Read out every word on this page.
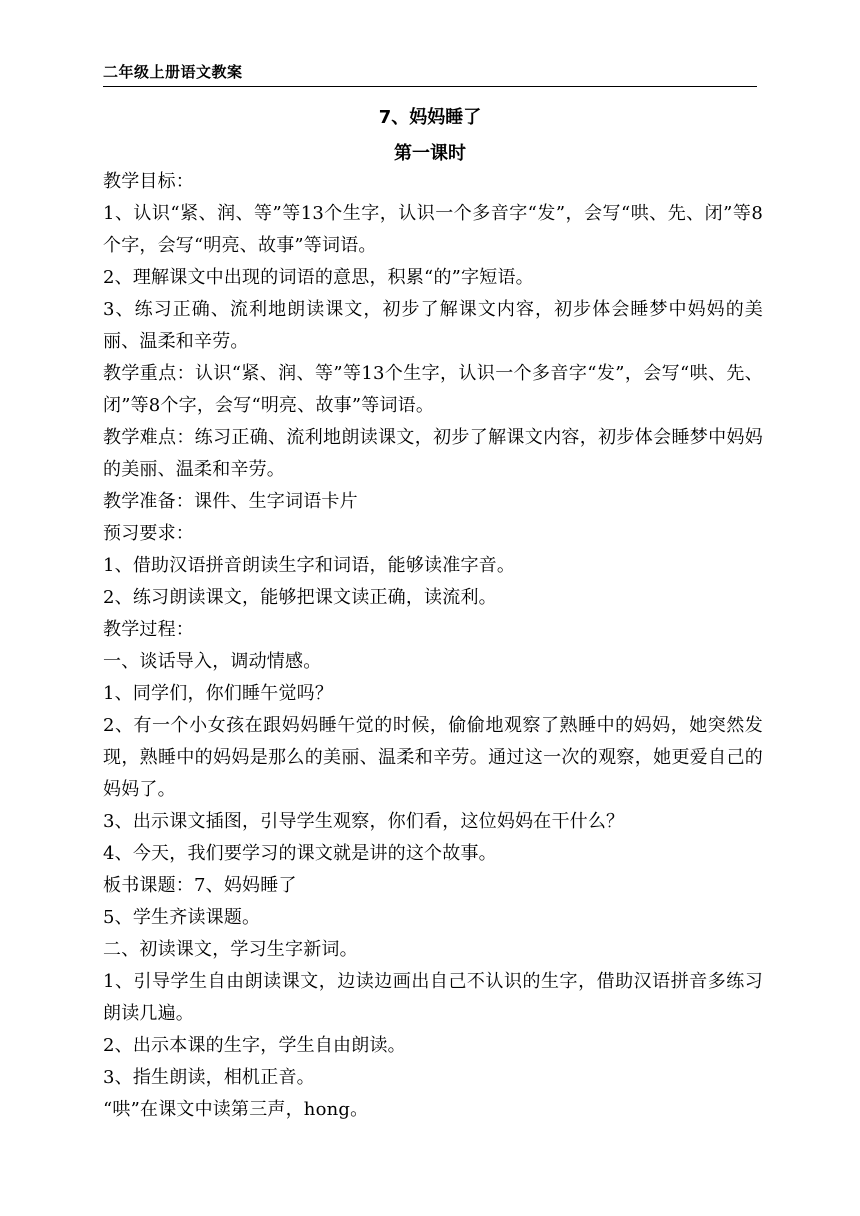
二年级上册语文教案
7、妈妈睡了
第一课时

教学目标：

1、认识“紧、润、等”等13个生字，认识一个多音字“发”，会写“哄、先、闭”等8个字，会写“明亮、故事”等词语。

2、理解课文中出现的词语的意思，积累“的”字短语。

3、练习正确、流利地朗读课文，初步了解课文内容，初步体会睡梦中妈妈的美丽、温柔和辛劳。

教学重点：认识“紧、润、等”等13个生字，认识一个多音字“发”，会写“哄、先、闭”等8个字，会写“明亮、故事”等词语。

教学难点：练习正确、流利地朗读课文，初步了解课文内容，初步体会睡梦中妈妈的美丽、温柔和辛劳。

教学准备：课件、生字词语卡片

预习要求：

1、借助汉语拼音朗读生字和词语，能够读准字音。

2、练习朗读课文，能够把课文读正确，读流利。

教学过程：

一、谈话导入，调动情感。

1、同学们，你们睡午觉吗？

2、有一个小女孩在跟妈妈睡午觉的时候，偷偷地观察了熟睡中的妈妈，她突然发现，熟睡中的妈妈是那么的美丽、温柔和辛劳。通过这一次的观察，她更爱自己的妈妈了。

3、出示课文插图，引导学生观察，你们看，这位妈妈在干什么？

4、今天，我们要学习的课文就是讲的这个故事。

板书课题：7、妈妈睡了

5、学生齐读课题。

二、初读课文，学习生字新词。

1、引导学生自由朗读课文，边读边画出自己不认识的生字，借助汉语拼音多练习朗读几遍。

2、出示本课的生字，学生自由朗读。

3、指生朗读，相机正音。

“哄”在课文中读第三声，hong。
